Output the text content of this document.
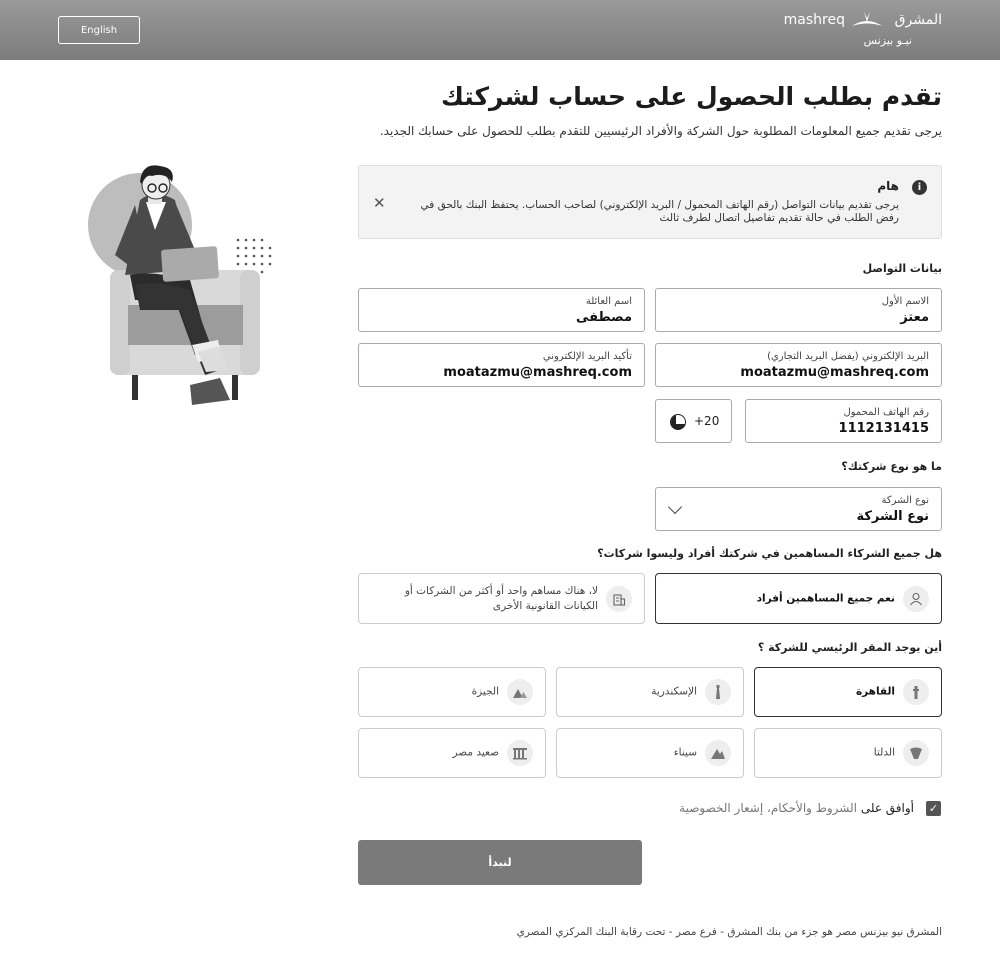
English
mashreq	المشرق
نيـو بيزنس
تقدم بطلب الحصول على حساب لشركتك
يرجى تقديم جميع المعلومات المطلوبة حول الشركة والأفراد الرئيسيين للتقدم بطلب للحصول على حسابك الجديد.
i
هام
يرجى تقديم بيانات التواصل (رقم الهاتف المحمول / البريد الإلكتروني) لصاحب الحساب. يحتفظ البنك بالحق في رفض الطلب في حالة تقديم تفاصيل اتصال لطرف ثالث
✕
بيانات التواصل
الاسم الأول
معتز
اسم العائلة
مصطفى
البريد الإلكتروني (يفضل البريد التجاري)
moatazmu@mashreq.com
تأكيد البريد الإلكتروني
moatazmu@mashreq.com
رقم الهاتف المحمول
1112131415
+20
ما هو نوع شركتك؟
نوع الشركة
نوع الشركة
هل جميع الشركاء المساهمين في شركتك أفراد وليسوا شركات؟
نعم جميع المساهمين أفراد
لا، هناك مساهم واحد أو أكثر من الشركات أو الكيانات القانونية الأخرى
أين يوجد المقر الرئيسي للشركة ؟
القاهرة
الإسكندرية
الجيزة
الدلتا
سيناء
صعيد مصر
✓
أوافق على الشروط والأحكام، إشعار الخصوصية
لنبدأ
المشرق نيو بيزنس مصر هو جزء من بنك المشرق - فرع مصر - تحت رقابة البنك المركزي المصري
